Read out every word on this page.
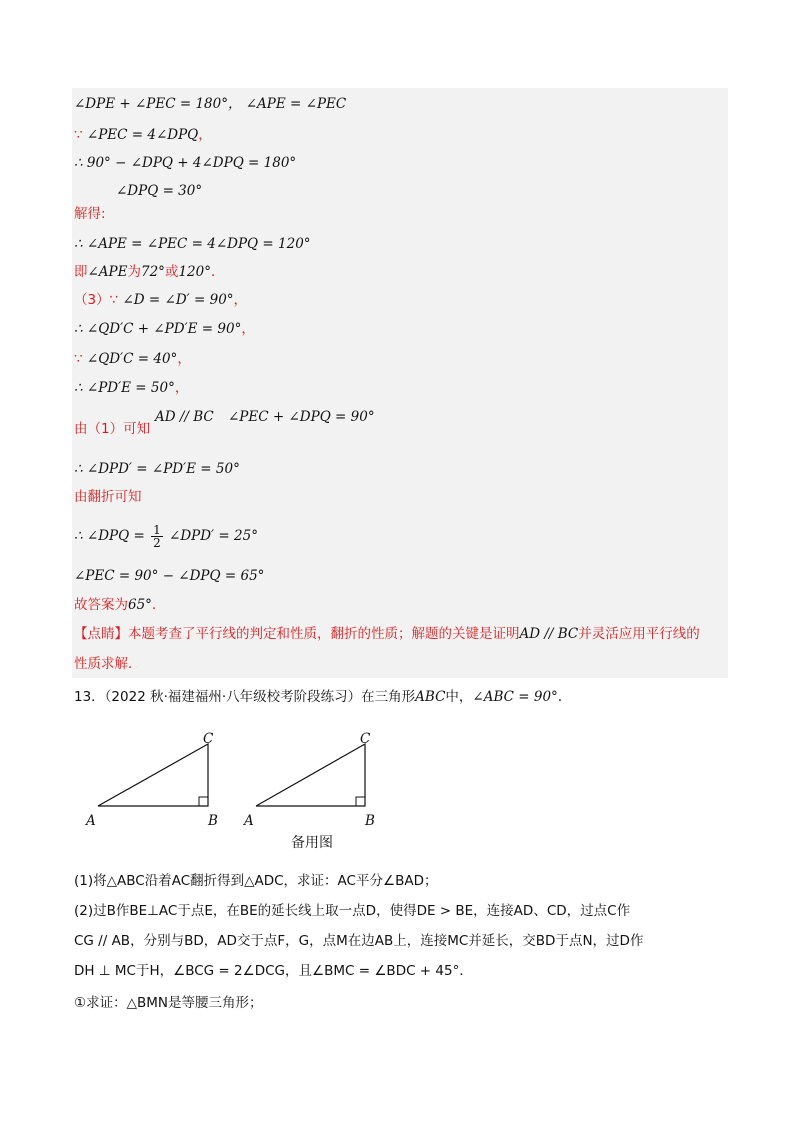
∠DPE + ∠PEC = 180°， ∠APE = ∠PEC
∵ ∠PEC = 4∠DPQ，
∴ 90° − ∠DPQ + 4∠DPQ = 180°
∠DPQ = 30°
解得:
∴ ∠APE = ∠PEC = 4∠DPQ = 120°
即∠APE为72°或120°．
（3）∵ ∠D = ∠D′ = 90°，
∴ ∠QD′C + ∠PD′E = 90°，
∵ ∠QD′C = 40°，
∴ ∠PD′E = 50°，
由（1）可知
AD // BC ∠PEC + ∠DPQ = 90°
∴ ∠DPD′ = ∠PD′E = 50°
由翻折可知
∴ ∠DPQ = $\frac{1}{2}$ ∠DPD′ = 25°
∠PEC = 90° − ∠DPQ = 65°
故答案为65°．
【点睛】本题考查了平行线的判定和性质，翻折的性质；解题的关键是证明AD // BC并灵活应用平行线的
性质求解．
13．（2022 秋·福建福州·八年级校考阶段练习）在三角形ABC中，∠ABC = 90°．
A	B
C
A	B
C
备用图
(1)将△ABC沿着AC翻折得到△ADC，求证：AC平分∠BAD；
(2)过B作BE⊥AC于点E，在BE的延长线上取一点D，使得DE > BE，连接AD、CD，过点C作
CG // AB，分别与BD，AD交于点F，G，点M在边AB上，连接MC并延长，交BD于点N，过D作
DH ⊥ MC于H，∠BCG = 2∠DCG，且∠BMC = ∠BDC + 45°．
①求证：△BMN是等腰三角形；
